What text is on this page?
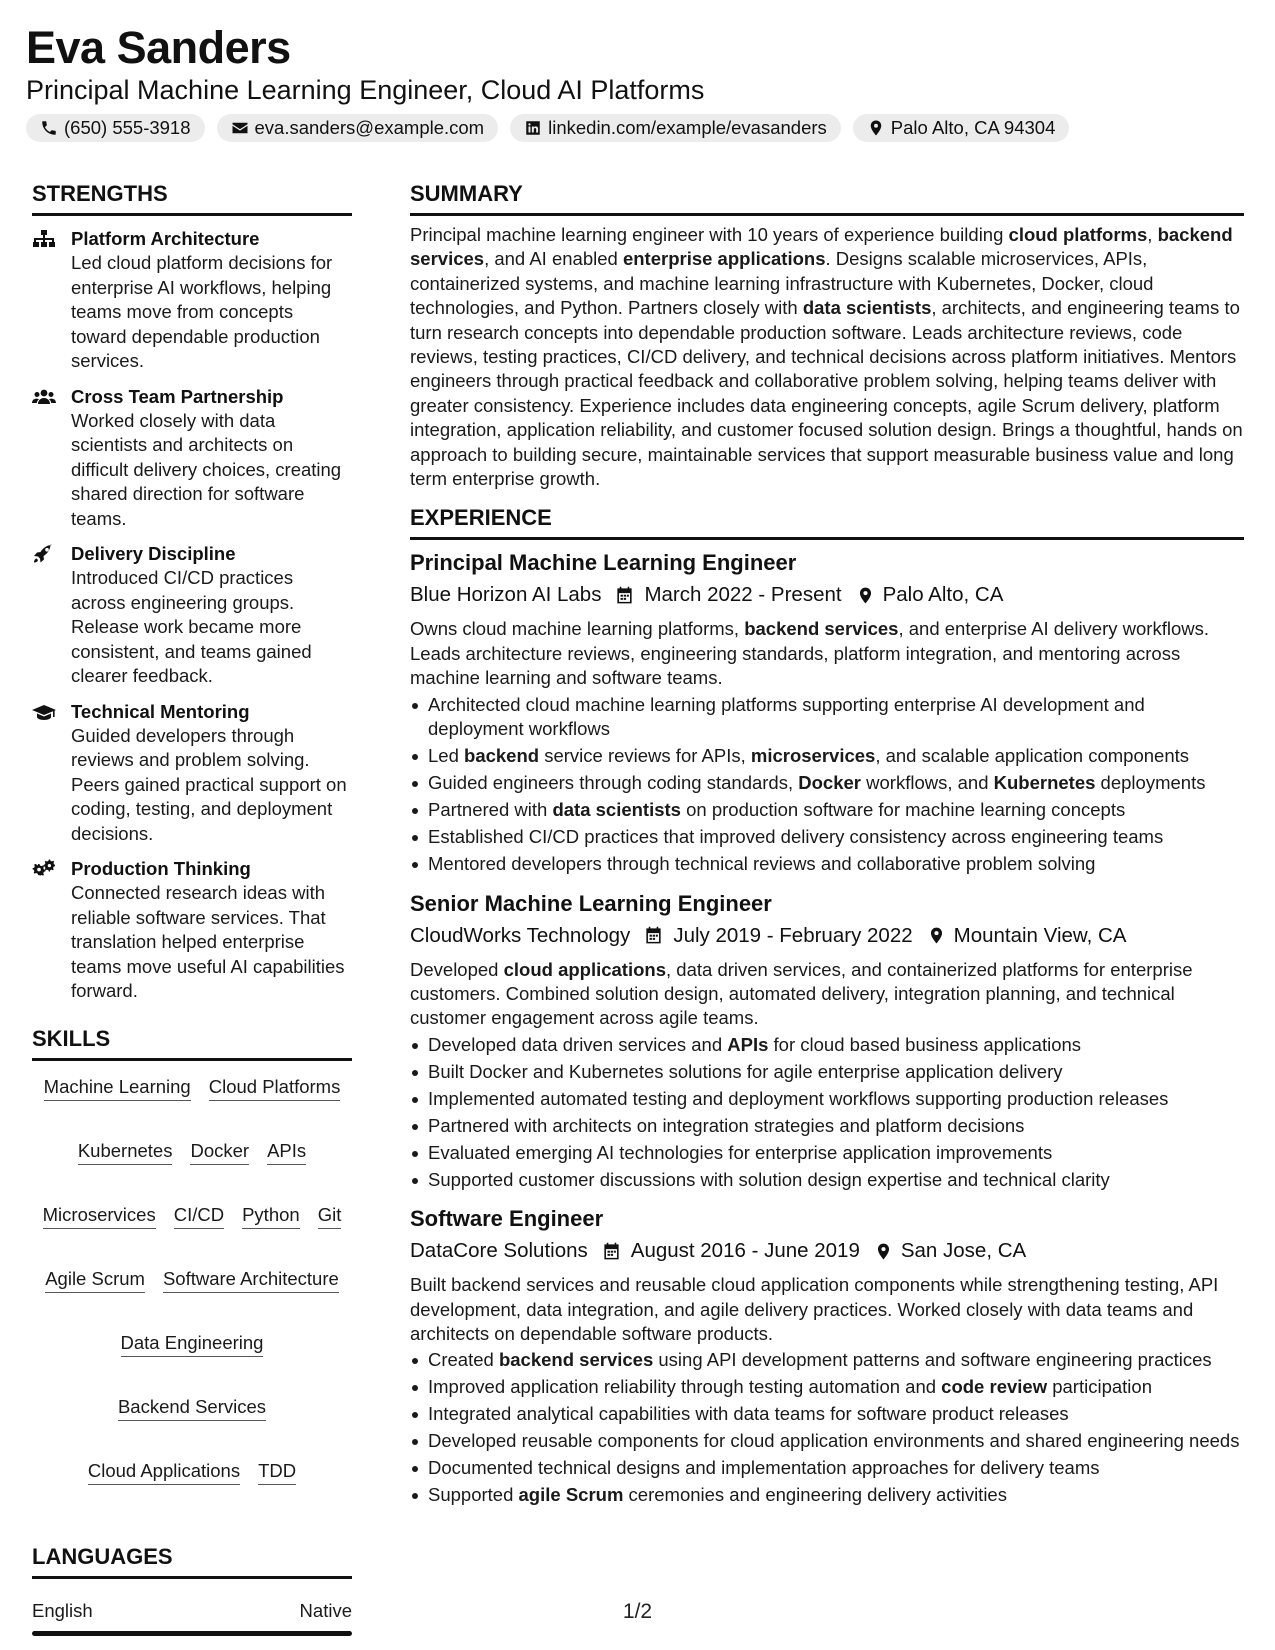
Eva Sanders
Principal Machine Learning Engineer, Cloud AI Platforms
(650) 555-3918	eva.sanders@example.com	linkedin.com/example/evasanders	Palo Alto, CA 94304
STRENGTHS
Platform Architecture
Led cloud platform decisions for enterprise AI workflows, helping teams move from concepts toward dependable production services.
Cross Team Partnership
Worked closely with data scientists and architects on difficult delivery choices, creating shared direction for software teams.
Delivery Discipline
Introduced CI/CD practices across engineering groups. Release work became more consistent, and teams gained clearer feedback.
Technical Mentoring
Guided developers through reviews and problem solving. Peers gained practical support on coding, testing, and deployment decisions.
Production Thinking
Connected research ideas with reliable software services. That translation helped enterprise teams move useful AI capabilities forward.
SKILLS
Machine Learning Cloud Platforms
Kubernetes Docker APIs
Microservices CI/CD Python Git
Agile Scrum Software Architecture
Data Engineering
Backend Services
Cloud Applications TDD
LANGUAGES
English	Native
SUMMARY
Principal machine learning engineer with 10 years of experience building cloud platforms, backend services, and AI enabled enterprise applications. Designs scalable microservices, APIs, containerized systems, and machine learning infrastructure with Kubernetes, Docker, cloud technologies, and Python. Partners closely with data scientists, architects, and engineering teams to turn research concepts into dependable production software. Leads architecture reviews, code reviews, testing practices, CI/CD delivery, and technical decisions across platform initiatives. Mentors engineers through practical feedback and collaborative problem solving, helping teams deliver with greater consistency. Experience includes data engineering concepts, agile Scrum delivery, platform integration, application reliability, and customer focused solution design. Brings a thoughtful, hands on approach to building secure, maintainable services that support measurable business value and long term enterprise growth.
EXPERIENCE
Principal Machine Learning Engineer
Blue Horizon AI Labs March 2022 - Present Palo Alto, CA
Owns cloud machine learning platforms, backend services, and enterprise AI delivery workflows. Leads architecture reviews, engineering standards, platform integration, and mentoring across machine learning and software teams.
Architected cloud machine learning platforms supporting enterprise AI development and deployment workflows
Led backend service reviews for APIs, microservices, and scalable application components
Guided engineers through coding standards, Docker workflows, and Kubernetes deployments
Partnered with data scientists on production software for machine learning concepts
Established CI/CD practices that improved delivery consistency across engineering teams
Mentored developers through technical reviews and collaborative problem solving
Senior Machine Learning Engineer
CloudWorks Technology July 2019 - February 2022 Mountain View, CA
Developed cloud applications, data driven services, and containerized platforms for enterprise customers. Combined solution design, automated delivery, integration planning, and technical customer engagement across agile teams.
Developed data driven services and APIs for cloud based business applications
Built Docker and Kubernetes solutions for agile enterprise application delivery
Implemented automated testing and deployment workflows supporting production releases
Partnered with architects on integration strategies and platform decisions
Evaluated emerging AI technologies for enterprise application improvements
Supported customer discussions with solution design expertise and technical clarity
Software Engineer
DataCore Solutions August 2016 - June 2019 San Jose, CA
Built backend services and reusable cloud application components while strengthening testing, API development, data integration, and agile delivery practices. Worked closely with data teams and architects on dependable software products.
Created backend services using API development patterns and software engineering practices
Improved application reliability through testing automation and code review participation
Integrated analytical capabilities with data teams for software product releases
Developed reusable components for cloud application environments and shared engineering needs
Documented technical designs and implementation approaches for delivery teams
Supported agile Scrum ceremonies and engineering delivery activities
1/2
